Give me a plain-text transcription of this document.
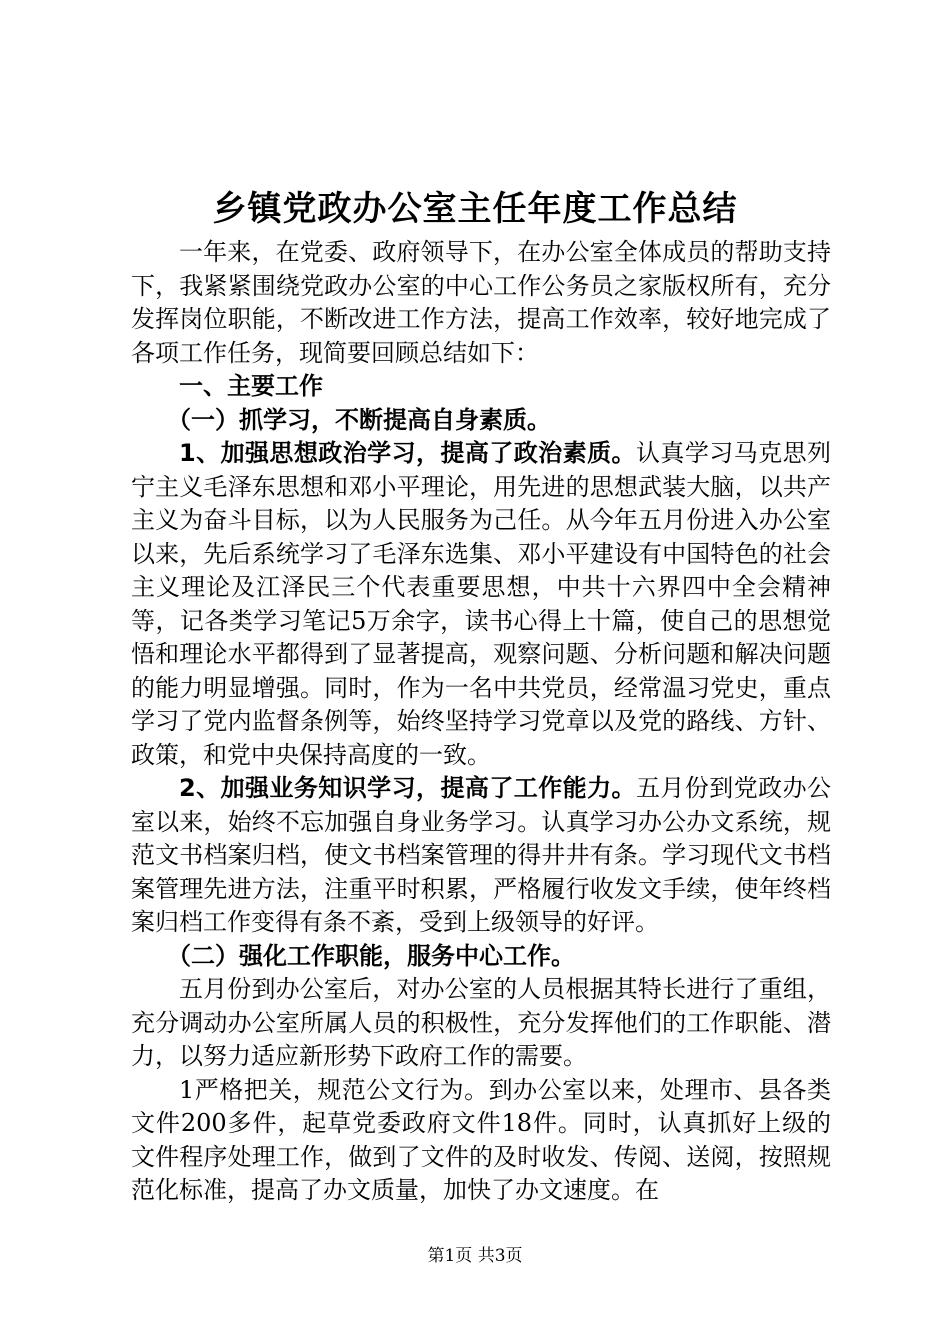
乡镇党政办公室主任年度工作总结

一年来，在党委、政府领导下，在办公室全体成员的帮助支持下，我紧紧围绕党政办公室的中心工作公务员之家版权所有，充分发挥岗位职能，不断改进工作方法，提高工作效率，较好地完成了各项工作任务，现简要回顾总结如下：

一、主要工作

（一）抓学习，不断提高自身素质。

1、加强思想政治学习，提高了政治素质。认真学习马克思列宁主义毛泽东思想和邓小平理论，用先进的思想武装大脑，以共产主义为奋斗目标，以为人民服务为己任。从今年五月份进入办公室以来，先后系统学习了毛泽东选集、邓小平建设有中国特色的社会主义理论及江泽民三个代表重要思想，中共十六界四中全会精神等，记各类学习笔记5万余字，读书心得上十篇，使自己的思想觉悟和理论水平都得到了显著提高，观察问题、分析问题和解决问题的能力明显增强。同时，作为一名中共党员，经常温习党史，重点学习了党内监督条例等，始终坚持学习党章以及党的路线、方针、政策，和党中央保持高度的一致。

2、加强业务知识学习，提高了工作能力。五月份到党政办公室以来，始终不忘加强自身业务学习。认真学习办公办文系统，规范文书档案归档，使文书档案管理的得井井有条。学习现代文书档案管理先进方法，注重平时积累，严格履行收发文手续，使年终档案归档工作变得有条不紊，受到上级领导的好评。

（二）强化工作职能，服务中心工作。

五月份到办公室后，对办公室的人员根据其特长进行了重组，充分调动办公室所属人员的积极性，充分发挥他们的工作职能、潜力，以努力适应新形势下政府工作的需要。

1严格把关，规范公文行为。到办公室以来，处理市、县各类文件200多件，起草党委政府文件18件。同时，认真抓好上级的文件程序处理工作，做到了文件的及时收发、传阅、送阅，按照规范化标准，提高了办文质量，加快了办文速度。在

第1页 共3页
